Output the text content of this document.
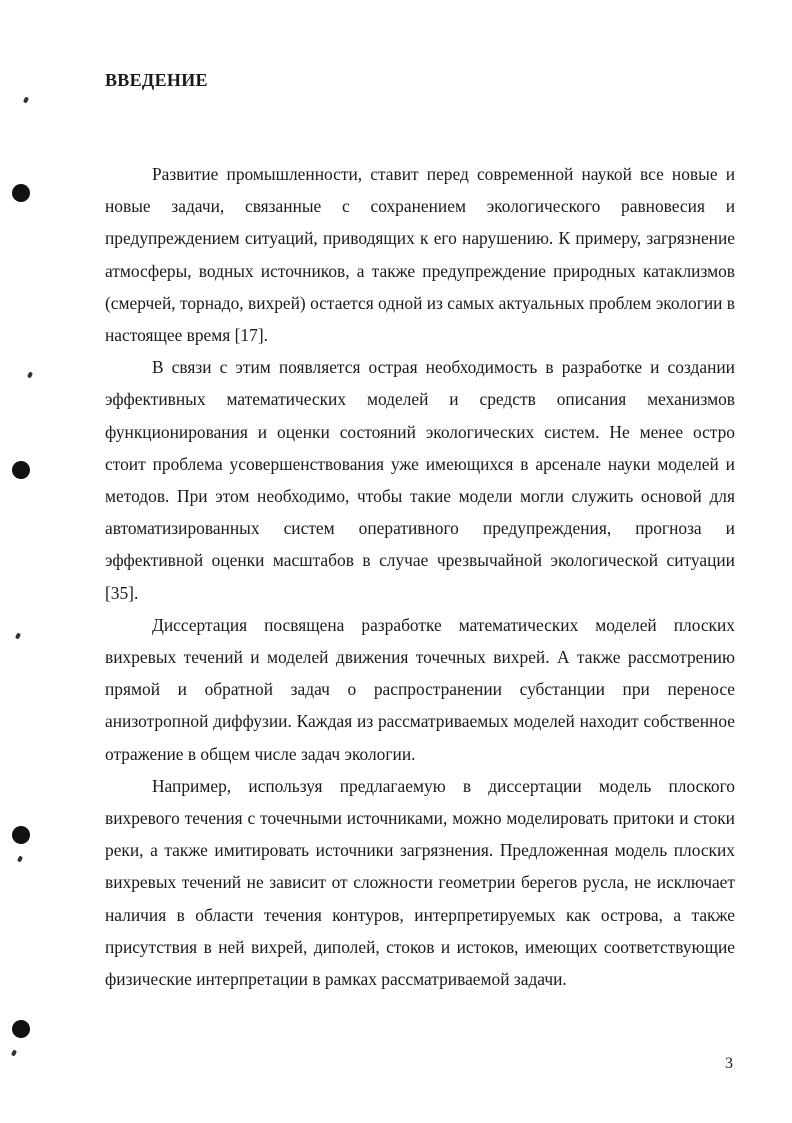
ВВЕДЕНИЕ

Развитие промышленности, ставит перед современной наукой все новые и новые задачи, связанные с сохранением экологического равновесия и предупреждением ситуаций, приводящих к его нарушению. К примеру, загрязнение атмосферы, водных источников, а также предупреждение природных катаклизмов (смерчей, торнадо, вихрей) остается одной из самых актуальных проблем экологии в настоящее время [17].

В связи с этим появляется острая необходимость в разработке и создании эффективных математических моделей и средств описания механизмов функционирования и оценки состояний экологических систем. Не менее остро стоит проблема усовершенствования уже имеющихся в арсенале науки моделей и методов. При этом необходимо, чтобы такие модели могли служить основой для автоматизированных систем оперативного предупреждения, прогноза и эффективной оценки масштабов в случае чрезвычайной экологической ситуации [35].

Диссертация посвящена разработке математических моделей плоских вихревых течений и моделей движения точечных вихрей. А также рассмотрению прямой и обратной задач о распространении субстанции при переносе анизотропной диффузии. Каждая из рассматриваемых моделей находит собственное отражение в общем числе задач экологии.

Например, используя предлагаемую в диссертации модель плоского вихревого течения с точечными источниками, можно моделировать притоки и стоки реки, а также имитировать источники загрязнения. Предложенная модель плоских вихревых течений не зависит от сложности геометрии берегов русла, не исключает наличия в области течения контуров, интерпретируемых как острова, а также присутствия в ней вихрей, диполей, стоков и истоков, имеющих соответствующие физические интерпретации в рамках рассматриваемой задачи.

3
